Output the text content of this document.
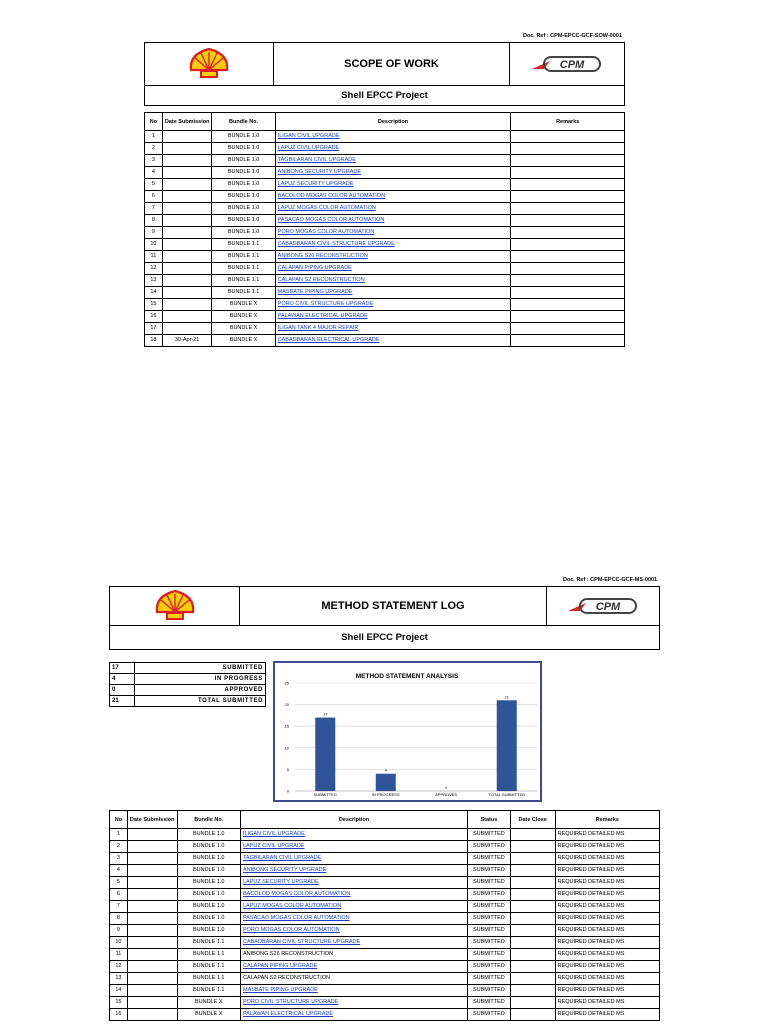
Doc. Ref : CPM-EPCC-GCF-SOW-0001
SCOPE OF WORK	CPM
Shell EPCC Project
No	Date Submission	Bundle No.	Description	Remarks
1		BUNDLE 1.0	ILIGAN CIVIL UPGRADE	
2		BUNDLE 1.0	LAPUZ CIVIL UPGRADE	
3		BUNDLE 1.0	TAGBILARAN CIVIL UPGRADE	
4		BUNDLE 1.0	ANIBONG SECURITY UPGRADE	
5		BUNDLE 1.0	LAPUZ SECURITY UPGRADE	
6		BUNDLE 1.0	BACOLOD MOGAS COLOR AUTOMATION	
7		BUNDLE 1.0	LAPUZ MOGAS COLOR AUTOMATION	
8		BUNDLE 1.0	PASACAO MOGAS COLOR AUTOMATION	
9		BUNDLE 1.0	PORO MOGAS COLOR AUTOMATION	
10		BUNDLE 1.1	CABADBARAN CIVIL STRUCTURE UPGRADE	
11		BUNDLE 1.1	ANIBONG S26 RECONSTRUCTION	
12		BUNDLE 1.1	CALAPAN PIPING UPGRADE	
13		BUNDLE 1.1	CALAPAN S2 RECONSTRUCTION	
14		BUNDLE 1.1	MASBATE PIPING UPGRADE	
15		BUNDLE X	PORO CIVIL STRUCTURE UPGRADE	
16		BUNDLE X	PALAWAN ELECTRICAL UPGRADE	
17		BUNDLE X	ILIGAN TANK 4 MAJOR REPAIR	
18	30-Apr-21	BUNDLE X	CABADBARAN ELECTRICAL UPGRADE	
Doc. Ref : CPM-EPCC-GCF-MS-0001
METHOD STATEMENT LOG	CPM
Shell EPCC Project
17	SUBMITTED
4	IN PROGRESS
0	APPROVED
21	TOTAL SUBMITTED
METHOD STATEMENT ANALYSIS
0
5
10
15
20
25
17
SUBMITTED
4
IN PROGRESS
0
APPROVED
21
TOTAL SUBMITTED
No	Date Submission	Bundle No.	Description	Status	Date Close	Remarks
1		BUNDLE 1.0	ILIGAN CIVIL UPGRADE	SUBMITTED		REQUIRED DETAILED MS
2		BUNDLE 1.0	LAPUZ CIVIL UPGRADE	SUBMITTED		REQUIRED DETAILED MS
3		BUNDLE 1.0	TAGBILARAN CIVIL UPGRADE	SUBMITTED		REQUIRED DETAILED MS
4		BUNDLE 1.0	ANIBONG SECURITY UPGRADE	SUBMITTED		REQUIRED DETAILED MS
5		BUNDLE 1.0	LAPUZ SECURITY UPGRADE	SUBMITTED		REQUIRED DETAILED MS
6		BUNDLE 1.0	BACOLOD MOGAS COLOR AUTOMATION	SUBMITTED		REQUIRED DETAILED MS
7		BUNDLE 1.0	LAPUZ MOGAS COLOR AUTOMATION	SUBMITTED		REQUIRED DETAILED MS
8		BUNDLE 1.0	PASACAO MOGAS COLOR AUTOMATION	SUBMITTED		REQUIRED DETAILED MS
9		BUNDLE 1.0	PORO MOGAS COLOR AUTOMATION	SUBMITTED		REQUIRED DETAILED MS
10		BUNDLE 1.1	CABADBARAN CIVIL STRUCTURE UPGRADE	SUBMITTED		REQUIRED DETAILED MS
11		BUNDLE 1.1	ANIBONG S26 RECONSTRUCTION	SUBMITTED		REQUIRED DETAILED MS
12		BUNDLE 1.1	CALAPAN PIPING UPGRADE	SUBMITTED		REQUIRED DETAILED MS
13		BUNDLE 1.1	CALAPAN S2 RECONSTRUCTION	SUBMITTED		REQUIRED DETAILED MS
14		BUNDLE 1.1	MASBATE PIPING UPGRADE	SUBMITTED		REQUIRED DETAILED MS
15		BUNDLE X	PORO CIVIL STRUCTURE UPGRADE	SUBMITTED		REQUIRED DETAILED MS
16		BUNDLE X	PALAWAN ELECTRICAL UPGRADE	SUBMITTED		REQUIRED DETAILED MS
